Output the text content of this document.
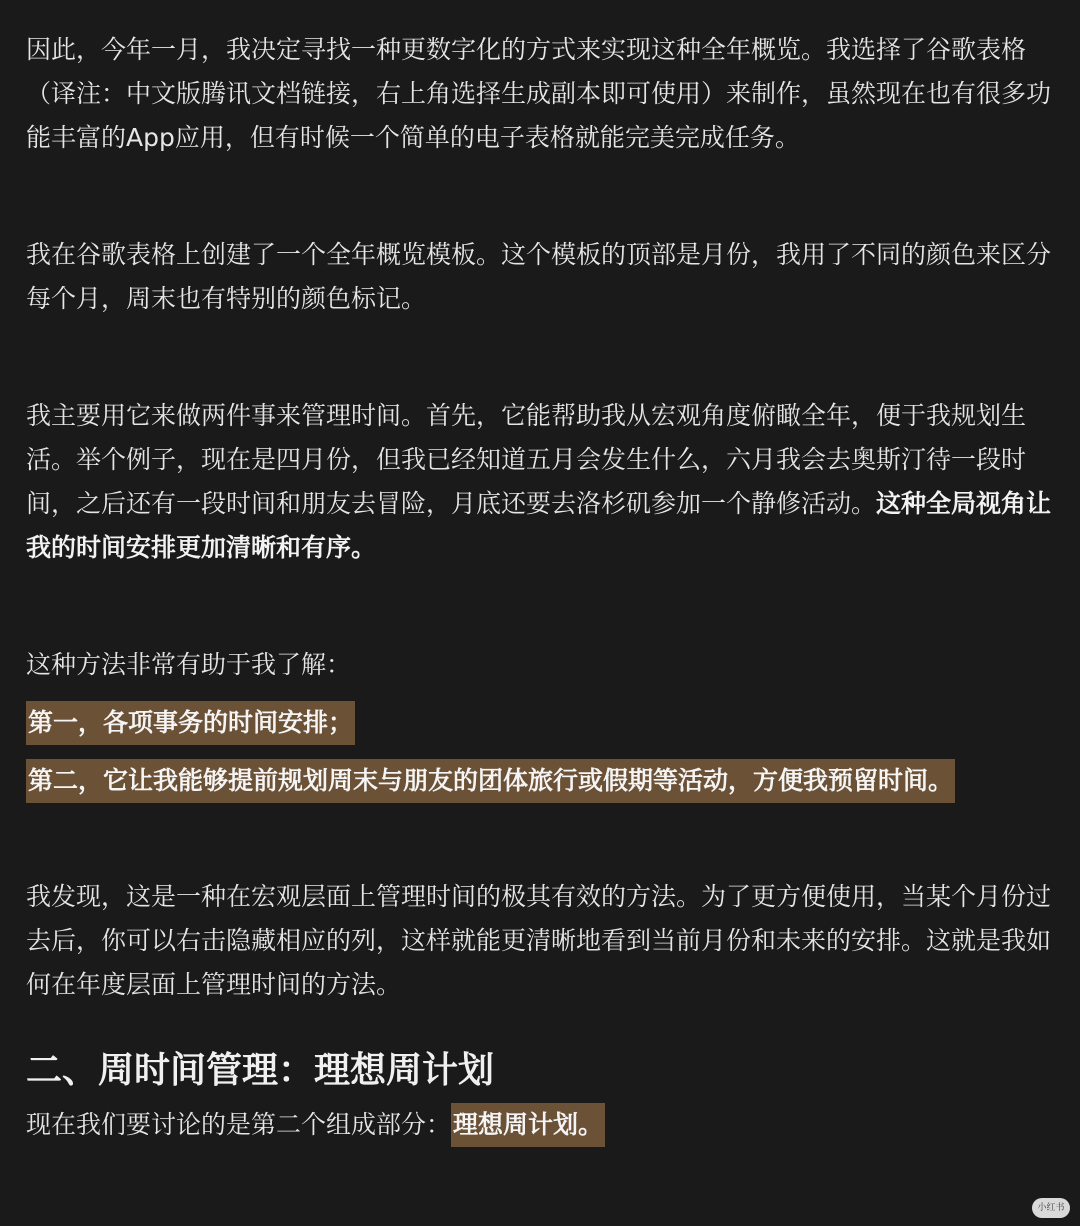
因此，今年一月，我决定寻找一种更数字化的方式来实现这种全年概览。我选择了谷歌表格（译注：中文版腾讯文档链接，右上角选择生成副本即可使用）来制作，虽然现在也有很多功能丰富的App应用，但有时候一个简单的电子表格就能完美完成任务。

我在谷歌表格上创建了一个全年概览模板。这个模板的顶部是月份，我用了不同的颜色来区分每个月，周末也有特别的颜色标记。

我主要用它来做两件事来管理时间。首先，它能帮助我从宏观角度俯瞰全年，便于我规划生活。举个例子，现在是四月份，但我已经知道五月会发生什么，六月我会去奥斯汀待一段时间，之后还有一段时间和朋友去冒险，月底还要去洛杉矶参加一个静修活动。这种全局视角让我的时间安排更加清晰和有序。

这种方法非常有助于我了解：

第一，各项事务的时间安排；

第二，它让我能够提前规划周末与朋友的团体旅行或假期等活动，方便我预留时间。

我发现，这是一种在宏观层面上管理时间的极其有效的方法。为了更方便使用，当某个月份过去后，你可以右击隐藏相应的列，这样就能更清晰地看到当前月份和未来的安排。这就是我如何在年度层面上管理时间的方法。

二、周时间管理：理想周计划

现在我们要讨论的是第二个组成部分：理想周计划。

小红书
